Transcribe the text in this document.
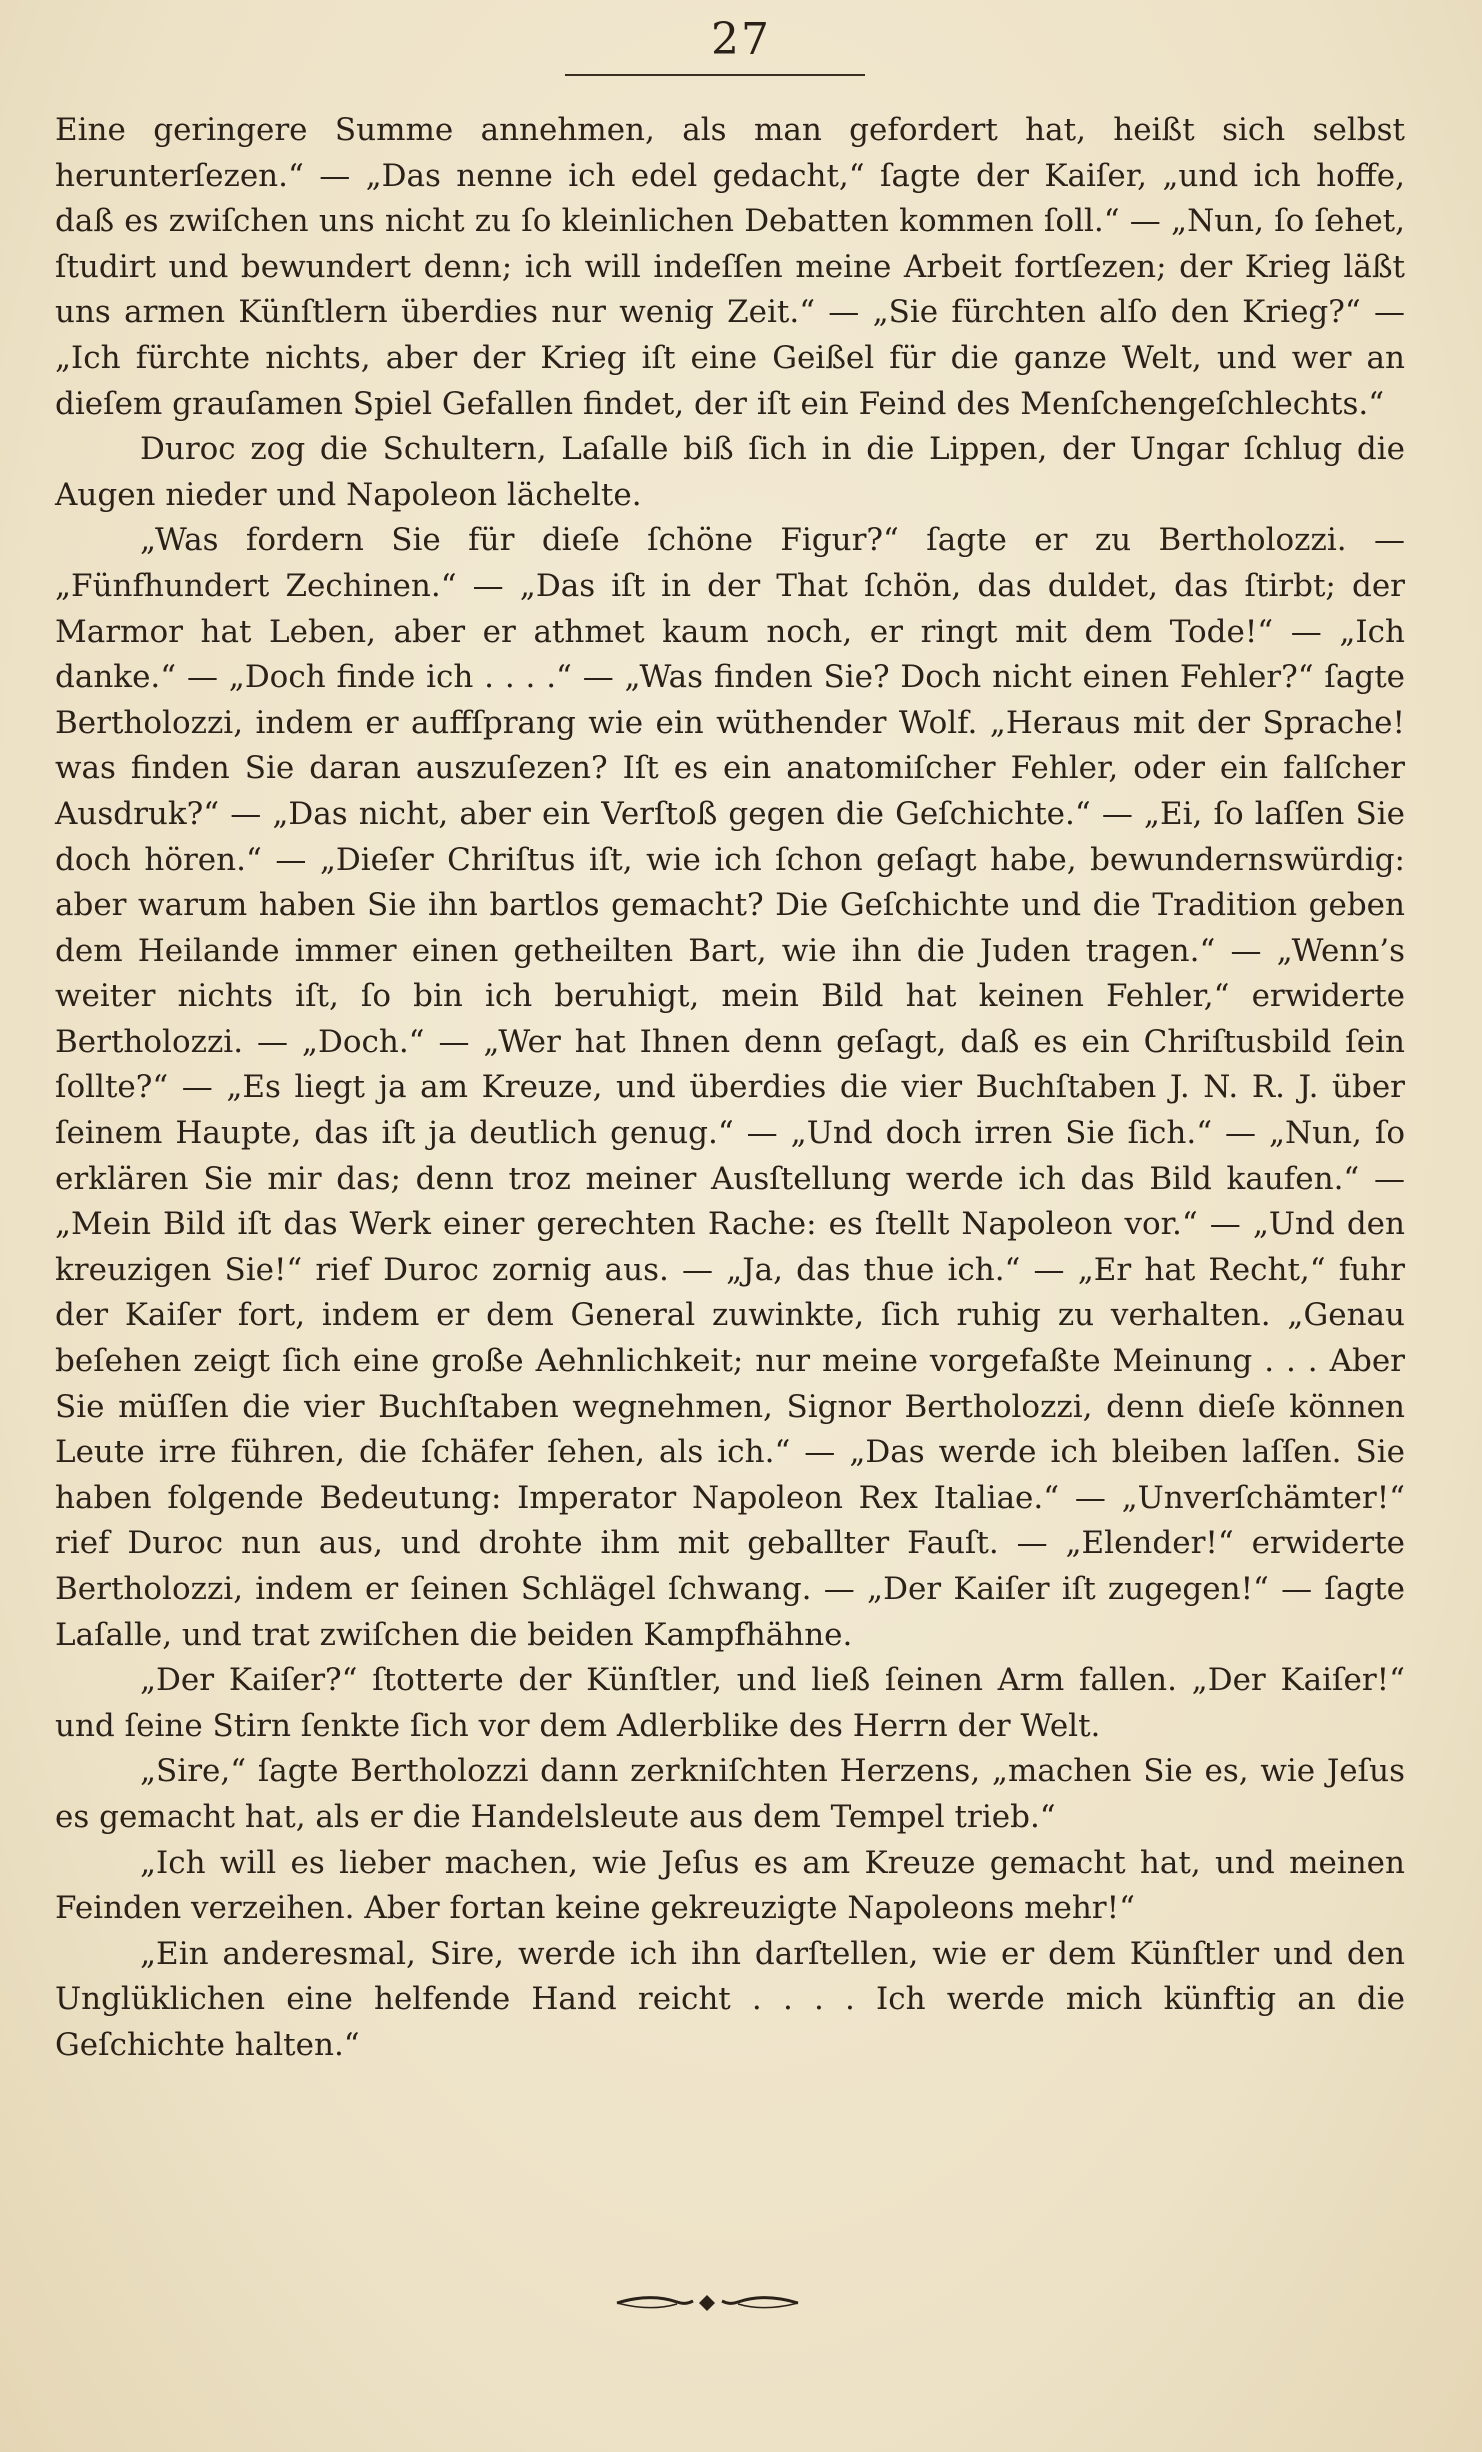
27

Eine geringere Summe annehmen, als man gefordert hat, heißt sich selbst herunterſezen.“ — „Das nenne ich edel gedacht,“ ſagte der Kaiſer, „und ich hoffe, daß es zwiſchen uns nicht zu ſo kleinlichen Debatten kommen ſoll.“ — „Nun, ſo ſehet, ſtudirt und bewundert denn; ich will indeſſen meine Arbeit fortſezen; der Krieg läßt uns armen Künſtlern überdies nur wenig Zeit.“ — „Sie fürchten alſo den Krieg?“ — „Ich fürchte nichts, aber der Krieg iſt eine Geißel für die ganze Welt, und wer an dieſem grauſamen Spiel Gefallen findet, der iſt ein Feind des Menſchengeſchlechts.“

Duroc zog die Schultern, Laſalle biß ſich in die Lippen, der Ungar ſchlug die Augen nieder und Napoleon lächelte.

„Was fordern Sie für dieſe ſchöne Figur?“ ſagte er zu Bertholozzi. — „Fünfhundert Zechinen.“ — „Das iſt in der That ſchön, das duldet, das ſtirbt; der Marmor hat Leben, aber er athmet kaum noch, er ringt mit dem Tode!“ — „Ich danke.“ — „Doch finde ich . . . .“ — „Was finden Sie? Doch nicht einen Fehler?“ ſagte Bertholozzi, indem er auffſprang wie ein wüthender Wolf. „Heraus mit der Sprache! was finden Sie daran auszuſezen? Iſt es ein anatomiſcher Fehler, oder ein falſcher Ausdruk?“ — „Das nicht, aber ein Verſtoß gegen die Geſchichte.“ — „Ei, ſo laſſen Sie doch hören.“ — „Dieſer Chriſtus iſt, wie ich ſchon geſagt habe, bewundernswürdig: aber warum haben Sie ihn bartlos gemacht? Die Geſchichte und die Tradition geben dem Heilande immer einen getheilten Bart, wie ihn die Juden tragen.“ — „Wenn’s weiter nichts iſt, ſo bin ich beruhigt, mein Bild hat keinen Fehler,“ erwiderte Bertholozzi. — „Doch.“ — „Wer hat Ihnen denn geſagt, daß es ein Chriſtusbild ſein ſollte?“ — „Es liegt ja am Kreuze, und überdies die vier Buchſtaben J. N. R. J. über ſeinem Haupte, das iſt ja deutlich genug.“ — „Und doch irren Sie ſich.“ — „Nun, ſo erklären Sie mir das; denn troz meiner Ausſtellung werde ich das Bild kaufen.“ — „Mein Bild iſt das Werk einer gerechten Rache: es ſtellt Napoleon vor.“ — „Und den kreuzigen Sie!“ rief Duroc zornig aus. — „Ja, das thue ich.“ — „Er hat Recht,“ fuhr der Kaiſer fort, indem er dem General zuwinkte, ſich ruhig zu verhalten. „Genau beſehen zeigt ſich eine große Aehnlichkeit; nur meine vorgefaßte Meinung . . . Aber Sie müſſen die vier Buchſtaben wegnehmen, Signor Bertholozzi, denn dieſe können Leute irre führen, die ſchäfer ſehen, als ich.“ — „Das werde ich bleiben laſſen. Sie haben folgende Bedeutung: Imperator Napoleon Rex Italiae.“ — „Unverſchämter!“ rief Duroc nun aus, und drohte ihm mit geballter Fauſt. — „Elender!“ erwiderte Bertholozzi, indem er ſeinen Schlägel ſchwang. — „Der Kaiſer iſt zugegen!“ — ſagte Laſalle, und trat zwiſchen die beiden Kampfhähne.

„Der Kaiſer?“ ſtotterte der Künſtler, und ließ ſeinen Arm fallen. „Der Kaiſer!“ und ſeine Stirn ſenkte ſich vor dem Adlerblike des Herrn der Welt.

„Sire,“ ſagte Bertholozzi dann zerkniſchten Herzens, „machen Sie es, wie Jeſus es gemacht hat, als er die Handelsleute aus dem Tempel trieb.“

„Ich will es lieber machen, wie Jeſus es am Kreuze gemacht hat, und meinen Feinden verzeihen. Aber fortan keine gekreuzigte Napoleons mehr!“

„Ein anderesmal, Sire, werde ich ihn darſtellen, wie er dem Künſtler und den Unglüklichen eine helfende Hand reicht . . . . Ich werde mich künftig an die Geſchichte halten.“
